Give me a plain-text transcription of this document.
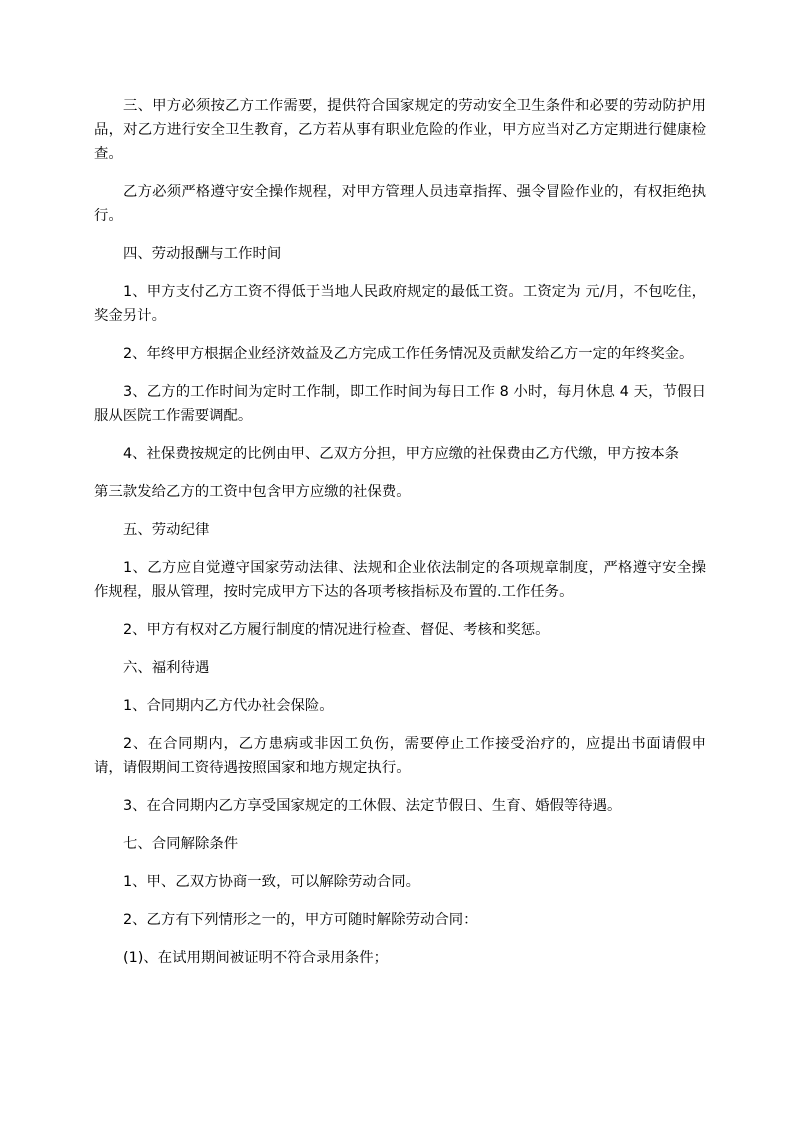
三、甲方必须按乙方工作需要，提供符合国家规定的劳动安全卫生条件和必要的劳动防护用品，对乙方进行安全卫生教育，乙方若从事有职业危险的作业，甲方应当对乙方定期进行健康检查。

乙方必须严格遵守安全操作规程，对甲方管理人员违章指挥、强令冒险作业的，有权拒绝执行。

四、劳动报酬与工作时间

1、甲方支付乙方工资不得低于当地人民政府规定的最低工资。工资定为 元/月，不包吃住，奖金另计。

2、年终甲方根据企业经济效益及乙方完成工作任务情况及贡献发给乙方一定的年终奖金。

3、乙方的工作时间为定时工作制，即工作时间为每日工作 8 小时，每月休息 4 天，节假日 服从医院工作需要调配。

4、社保费按规定的比例由甲、乙双方分担，甲方应缴的社保费由乙方代缴，甲方按本条

第三款发给乙方的工资中包含甲方应缴的社保费。

五、劳动纪律

1、乙方应自觉遵守国家劳动法律、法规和企业依法制定的各项规章制度，严格遵守安全操作规程，服从管理，按时完成甲方下达的各项考核指标及布置的.工作任务。

2、甲方有权对乙方履行制度的情况进行检查、督促、考核和奖惩。

六、福利待遇

1、合同期内乙方代办社会保险。

2、在合同期内，乙方患病或非因工负伤，需要停止工作接受治疗的，应提出书面请假申请，请假期间工资待遇按照国家和地方规定执行。

3、在合同期内乙方享受国家规定的工休假、法定节假日、生育、婚假等待遇。

七、合同解除条件

1、甲、乙双方协商一致，可以解除劳动合同。

2、乙方有下列情形之一的，甲方可随时解除劳动合同：

(1)、在试用期间被证明不符合录用条件；
